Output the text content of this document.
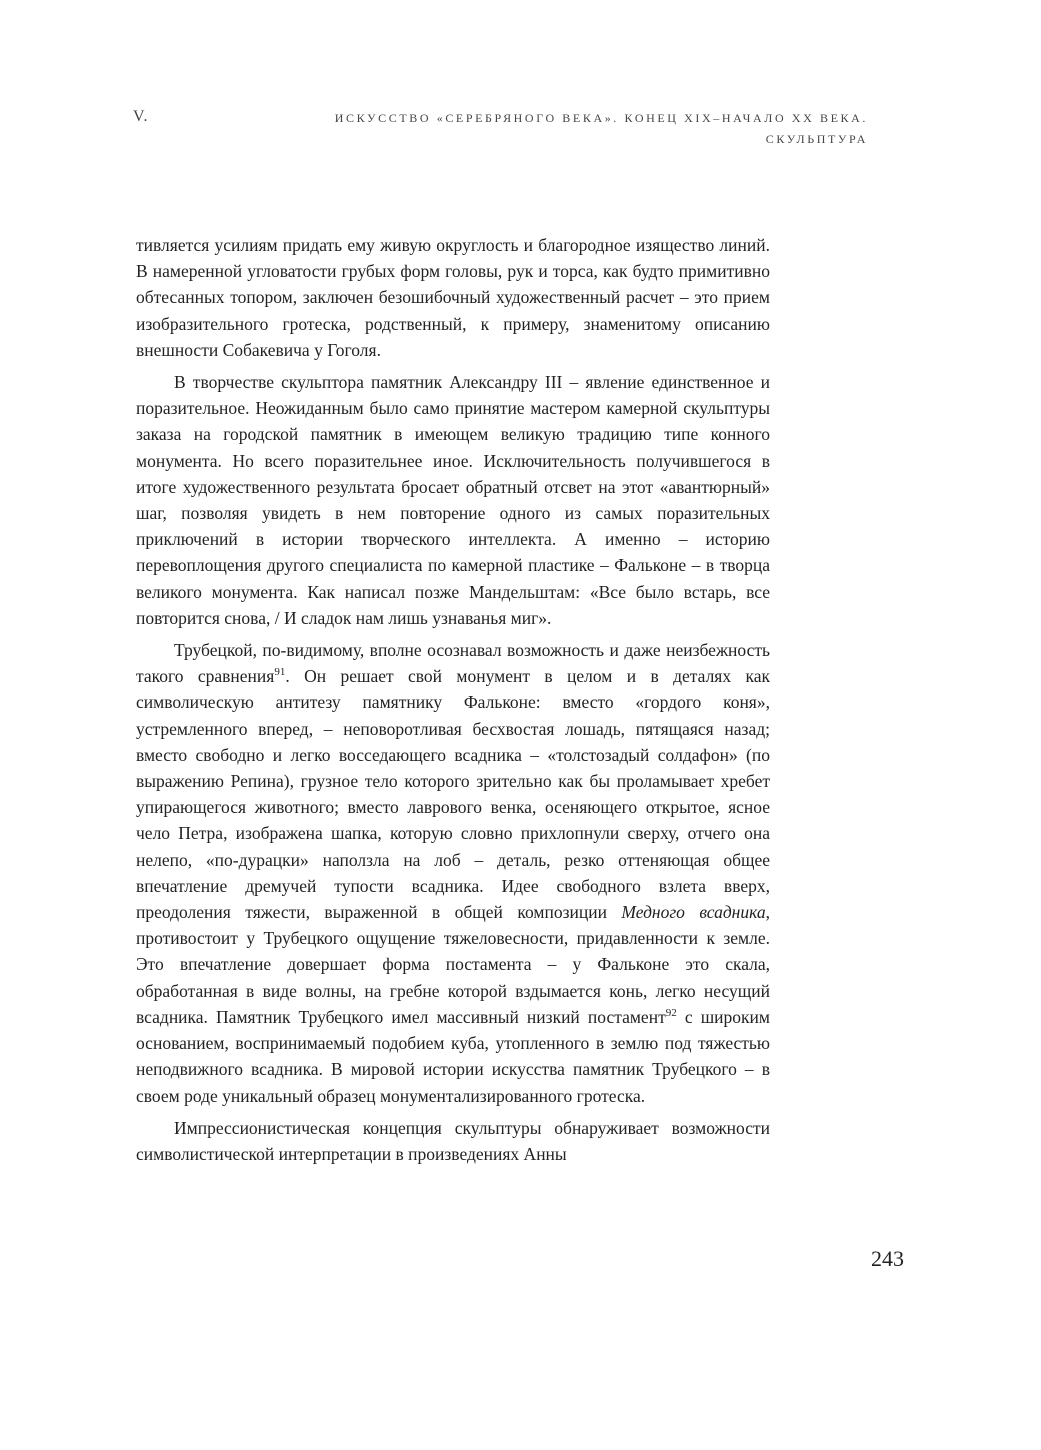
V.	ИСКУССТВО «СЕРЕБРЯНОГО ВЕКА». КОНЕЦ XIX–НАЧАЛО XX ВЕКА. СКУЛЬПТУРА

тивляется усилиям придать ему живую округлость и благородное изящество линий. В намеренной угловатости грубых форм головы, рук и торса, как будто примитивно обтесанных топором, заключен безошибочный художественный расчет – это прием изобразительного гротеска, родственный, к примеру, знаменитому описанию внешности Собакевича у Гоголя.

В творчестве скульптора памятник Александру III – явление единственное и поразительное. Неожиданным было само принятие мастером камерной скульптуры заказа на городской памятник в имеющем великую традицию типе конного монумента. Но всего поразительнее иное. Исключительность получившегося в итоге художественного результата бросает обратный отсвет на этот «авантюрный» шаг, позволяя увидеть в нем повторение одного из самых поразительных приключений в истории творческого интеллекта. А именно – историю перевоплощения другого специалиста по камерной пластике – Фальконе – в творца великого монумента. Как написал позже Мандельштам: «Все было встарь, все повторится снова, / И сладок нам лишь узнаванья миг».

Трубецкой, по-видимому, вполне осознавал возможность и даже неизбежность такого сравнения$^{91}$. Он решает свой монумент в целом и в деталях как символическую антитезу памятнику Фальконе: вместо «гордого коня», устремленного вперед, – неповоротливая бесхвостая лошадь, пятящаяся назад; вместо свободно и легко восседающего всадника – «толстозадый солдафон» (по выражению Репина), грузное тело которого зрительно как бы проламывает хребет упирающегося животного; вместо лаврового венка, осеняющего открытое, ясное чело Петра, изображена шапка, которую словно прихлопнули сверху, отчего она нелепо, «по-дурацки» наползла на лоб – деталь, резко оттеняющая общее впечатление дремучей тупости всадника. Идее свободного взлета вверх, преодоления тяжести, выраженной в общей композиции Медного всадника, противостоит у Трубецкого ощущение тяжеловесности, придавленности к земле. Это впечатление довершает форма постамента – у Фальконе это скала, обработанная в виде волны, на гребне которой вздымается конь, легко несущий всадника. Памятник Трубецкого имел массивный низкий постамент$^{92}$ с широким основанием, воспринимаемый подобием куба, утопленного в землю под тяжестью неподвижного всадника. В мировой истории искусства памятник Трубецкого – в своем роде уникальный образец монументализированного гротеска.

Импрессионистическая концепция скульптуры обнаруживает возможности символистической интерпретации в произведениях Анны

243
